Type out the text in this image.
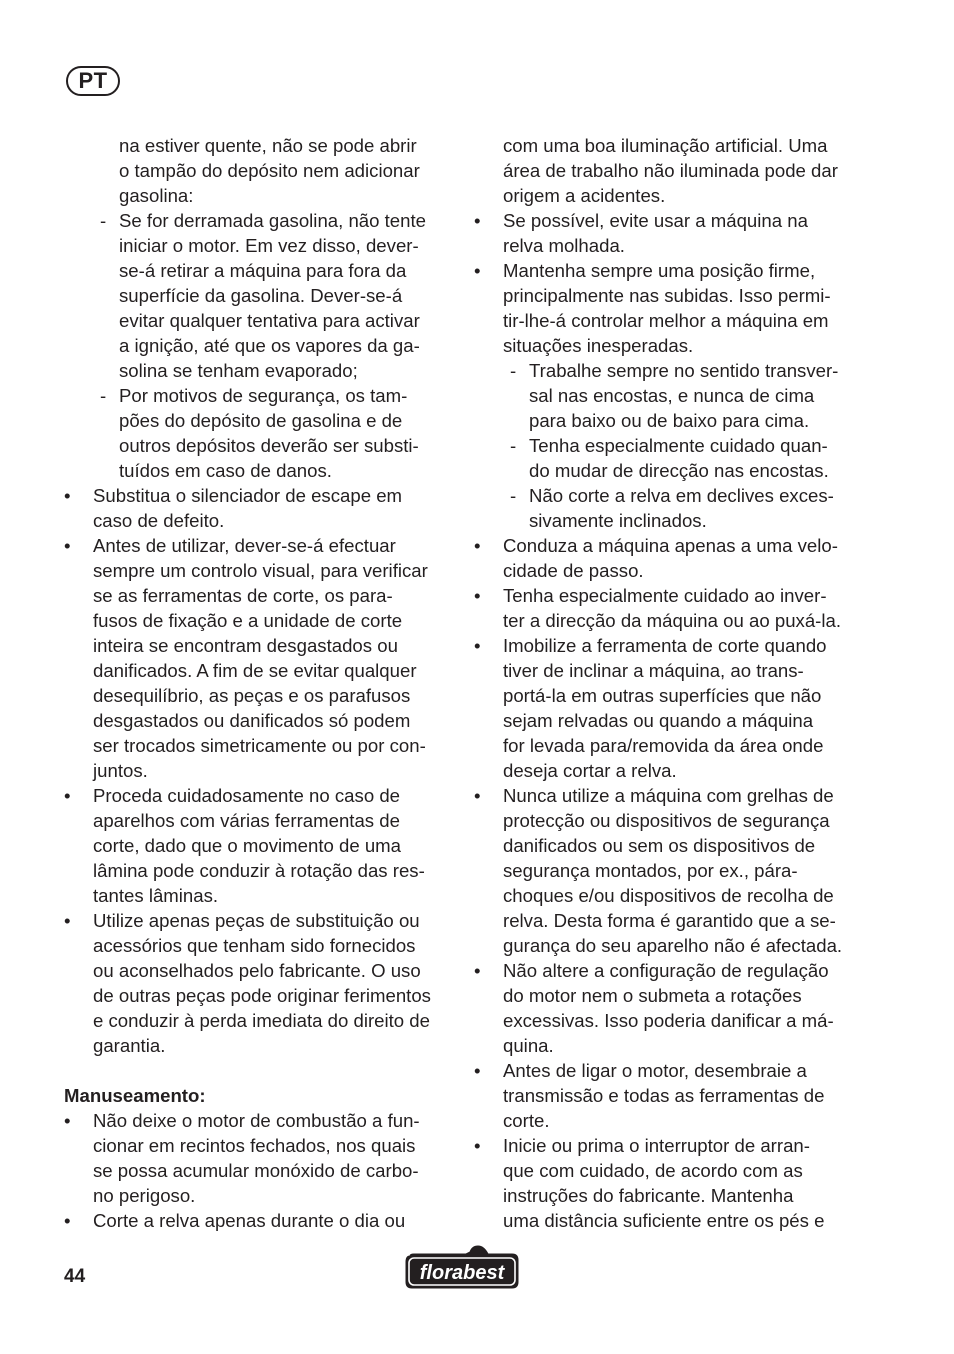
PT
na estiver quente, não se pode abrir
o tampão do depósito nem adicionar
gasolina:
- Se for derramada gasolina, não tente
iniciar o motor. Em vez disso, dever-
se-á retirar a máquina para fora da
superfície da gasolina. Dever-se-á
evitar qualquer tentativa para activar
a ignição, até que os vapores da ga-
solina se tenham evaporado;
- Por motivos de segurança, os tam-
pões do depósito de gasolina e de
outros depósitos deverão ser substi-
tuídos em caso de danos.
• Substitua o silenciador de escape em
caso de defeito.
• Antes de utilizar, dever-se-á efectuar
sempre um controlo visual, para verificar
se as ferramentas de corte, os para-
fusos de fixação e a unidade de corte
inteira se encontram desgastados ou
danificados. A fim de se evitar qualquer
desequilíbrio, as peças e os parafusos
desgastados ou danificados só podem
ser trocados simetricamente ou por con-
juntos.
• Proceda cuidadosamente no caso de
aparelhos com várias ferramentas de
corte, dado que o movimento de uma
lâmina pode conduzir à rotação das res-
tantes lâminas.
• Utilize apenas peças de substituição ou
acessórios que tenham sido fornecidos
ou aconselhados pelo fabricante. O uso
de outras peças pode originar ferimentos
e conduzir à perda imediata do direito de
garantia.
Manuseamento:
• Não deixe o motor de combustão a fun-
cionar em recintos fechados, nos quais
se possa acumular monóxido de carbo-
no perigoso.
• Corte a relva apenas durante o dia ou
com uma boa iluminação artificial. Uma
área de trabalho não iluminada pode dar
origem a acidentes.
• Se possível, evite usar a máquina na
relva molhada.
• Mantenha sempre uma posição firme,
principalmente nas subidas. Isso permi-
tir-lhe-á controlar melhor a máquina em
situações inesperadas.
- Trabalhe sempre no sentido transver-
sal nas encostas, e nunca de cima
para baixo ou de baixo para cima.
- Tenha especialmente cuidado quan-
do mudar de direcção nas encostas.
- Não corte a relva em declives exces-
sivamente inclinados.
• Conduza a máquina apenas a uma velo-
cidade de passo.
• Tenha especialmente cuidado ao inver-
ter a direcção da máquina ou ao puxá-la.
• Imobilize a ferramenta de corte quando
tiver de inclinar a máquina, ao trans-
portá-la em outras superfícies que não
sejam relvadas ou quando a máquina
for levada para/removida da área onde
deseja cortar a relva.
• Nunca utilize a máquina com grelhas de
protecção ou dispositivos de segurança
danificados ou sem os dispositivos de
segurança montados, por ex., pára-
choques e/ou dispositivos de recolha de
relva. Desta forma é garantido que a se-
gurança do seu aparelho não é afectada.
• Não altere a configuração de regulação
do motor nem o submeta a rotações
excessivas. Isso poderia danificar a má-
quina.
• Antes de ligar o motor, desembraie a
transmissão e todas as ferramentas de
corte.
• Inicie ou prima o interruptor de arran-
que com cuidado, de acordo com as
instruções do fabricante. Mantenha
uma distância suficiente entre os pés e
44	florabest
